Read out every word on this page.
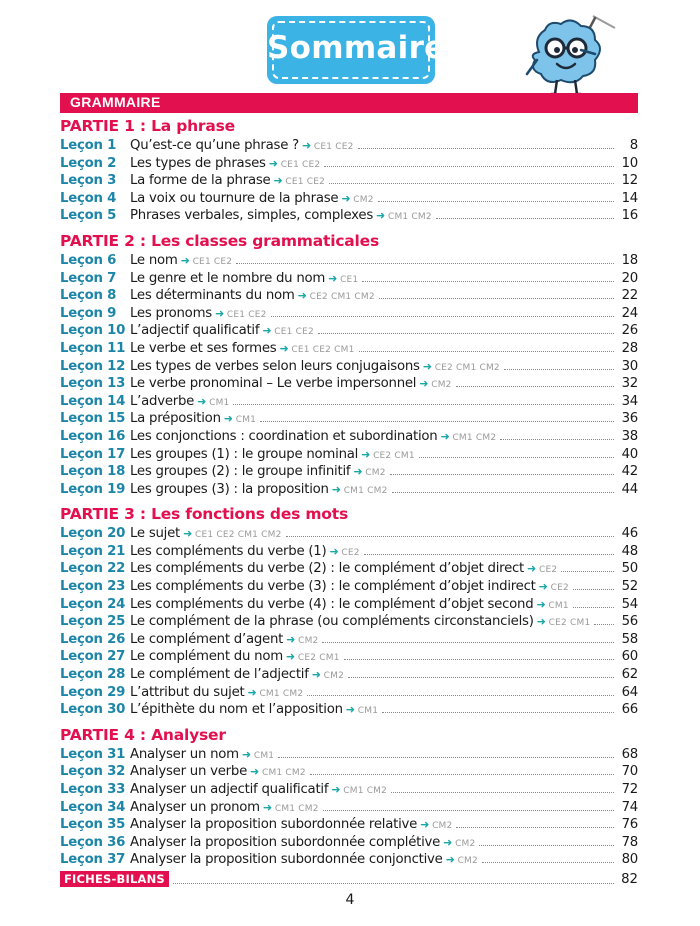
Sommaire
GRAMMAIRE
PARTIE 1 : La phrase
Leçon 1	Qu’est-ce qu’une phrase ? ➜ CE1 CE2	8
Leçon 2	Les types de phrases ➜ CE1 CE2	10
Leçon 3	La forme de la phrase ➜ CE1 CE2	12
Leçon 4	La voix ou tournure de la phrase ➜ CM2	14
Leçon 5	Phrases verbales, simples, complexes ➜ CM1 CM2	16
PARTIE 2 : Les classes grammaticales
Leçon 6	Le nom ➜ CE1 CE2	18
Leçon 7	Le genre et le nombre du nom ➜ CE1	20
Leçon 8	Les déterminants du nom ➜ CE2 CM1 CM2	22
Leçon 9	Les pronoms ➜ CE1 CE2	24
Leçon 10 L’adjectif qualificatif ➜ CE1 CE2	26
Leçon 11 Le verbe et ses formes ➜ CE1 CE2 CM1	28
Leçon 12 Les types de verbes selon leurs conjugaisons ➜ CE2 CM1 CM2	30
Leçon 13 Le verbe pronominal – Le verbe impersonnel ➜ CM2	32
Leçon 14 L’adverbe ➜ CM1	34
Leçon 15 La préposition ➜ CM1	36
Leçon 16 Les conjonctions : coordination et subordination ➜ CM1 CM2	38
Leçon 17 Les groupes (1) : le groupe nominal ➜ CE2 CM1	40
Leçon 18 Les groupes (2) : le groupe infinitif ➜ CM2	42
Leçon 19 Les groupes (3) : la proposition ➜ CM1 CM2	44
PARTIE 3 : Les fonctions des mots
Leçon 20 Le sujet ➜ CE1 CE2 CM1 CM2	46
Leçon 21 Les compléments du verbe (1) ➜ CE2	48
Leçon 22 Les compléments du verbe (2) : le complément d’objet direct ➜ CE2	50
Leçon 23 Les compléments du verbe (3) : le complément d’objet indirect ➜ CE2	52
Leçon 24 Les compléments du verbe (4) : le complément d’objet second ➜ CM1	54
Leçon 25 Le complément de la phrase (ou compléments circonstanciels) ➜ CE2 CM1 56
Leçon 26 Le complément d’agent ➜ CM2	58
Leçon 27 Le complément du nom ➜ CE2 CM1	60
Leçon 28 Le complément de l’adjectif ➜ CM2	62
Leçon 29 L’attribut du sujet ➜ CM1 CM2	64
Leçon 30 L’épithète du nom et l’apposition ➜ CM1	66
PARTIE 4 : Analyser
Leçon 31 Analyser un nom ➜ CM1	68
Leçon 32 Analyser un verbe ➜ CM1 CM2	70
Leçon 33 Analyser un adjectif qualificatif ➜ CM1 CM2	72
Leçon 34 Analyser un pronom ➜ CM1 CM2	74
Leçon 35 Analyser la proposition subordonnée relative ➜ CM2	76
Leçon 36 Analyser la proposition subordonnée complétive ➜ CM2	78
Leçon 37 Analyser la proposition subordonnée conjonctive ➜ CM2	80
FICHES-BILANS	82
4
